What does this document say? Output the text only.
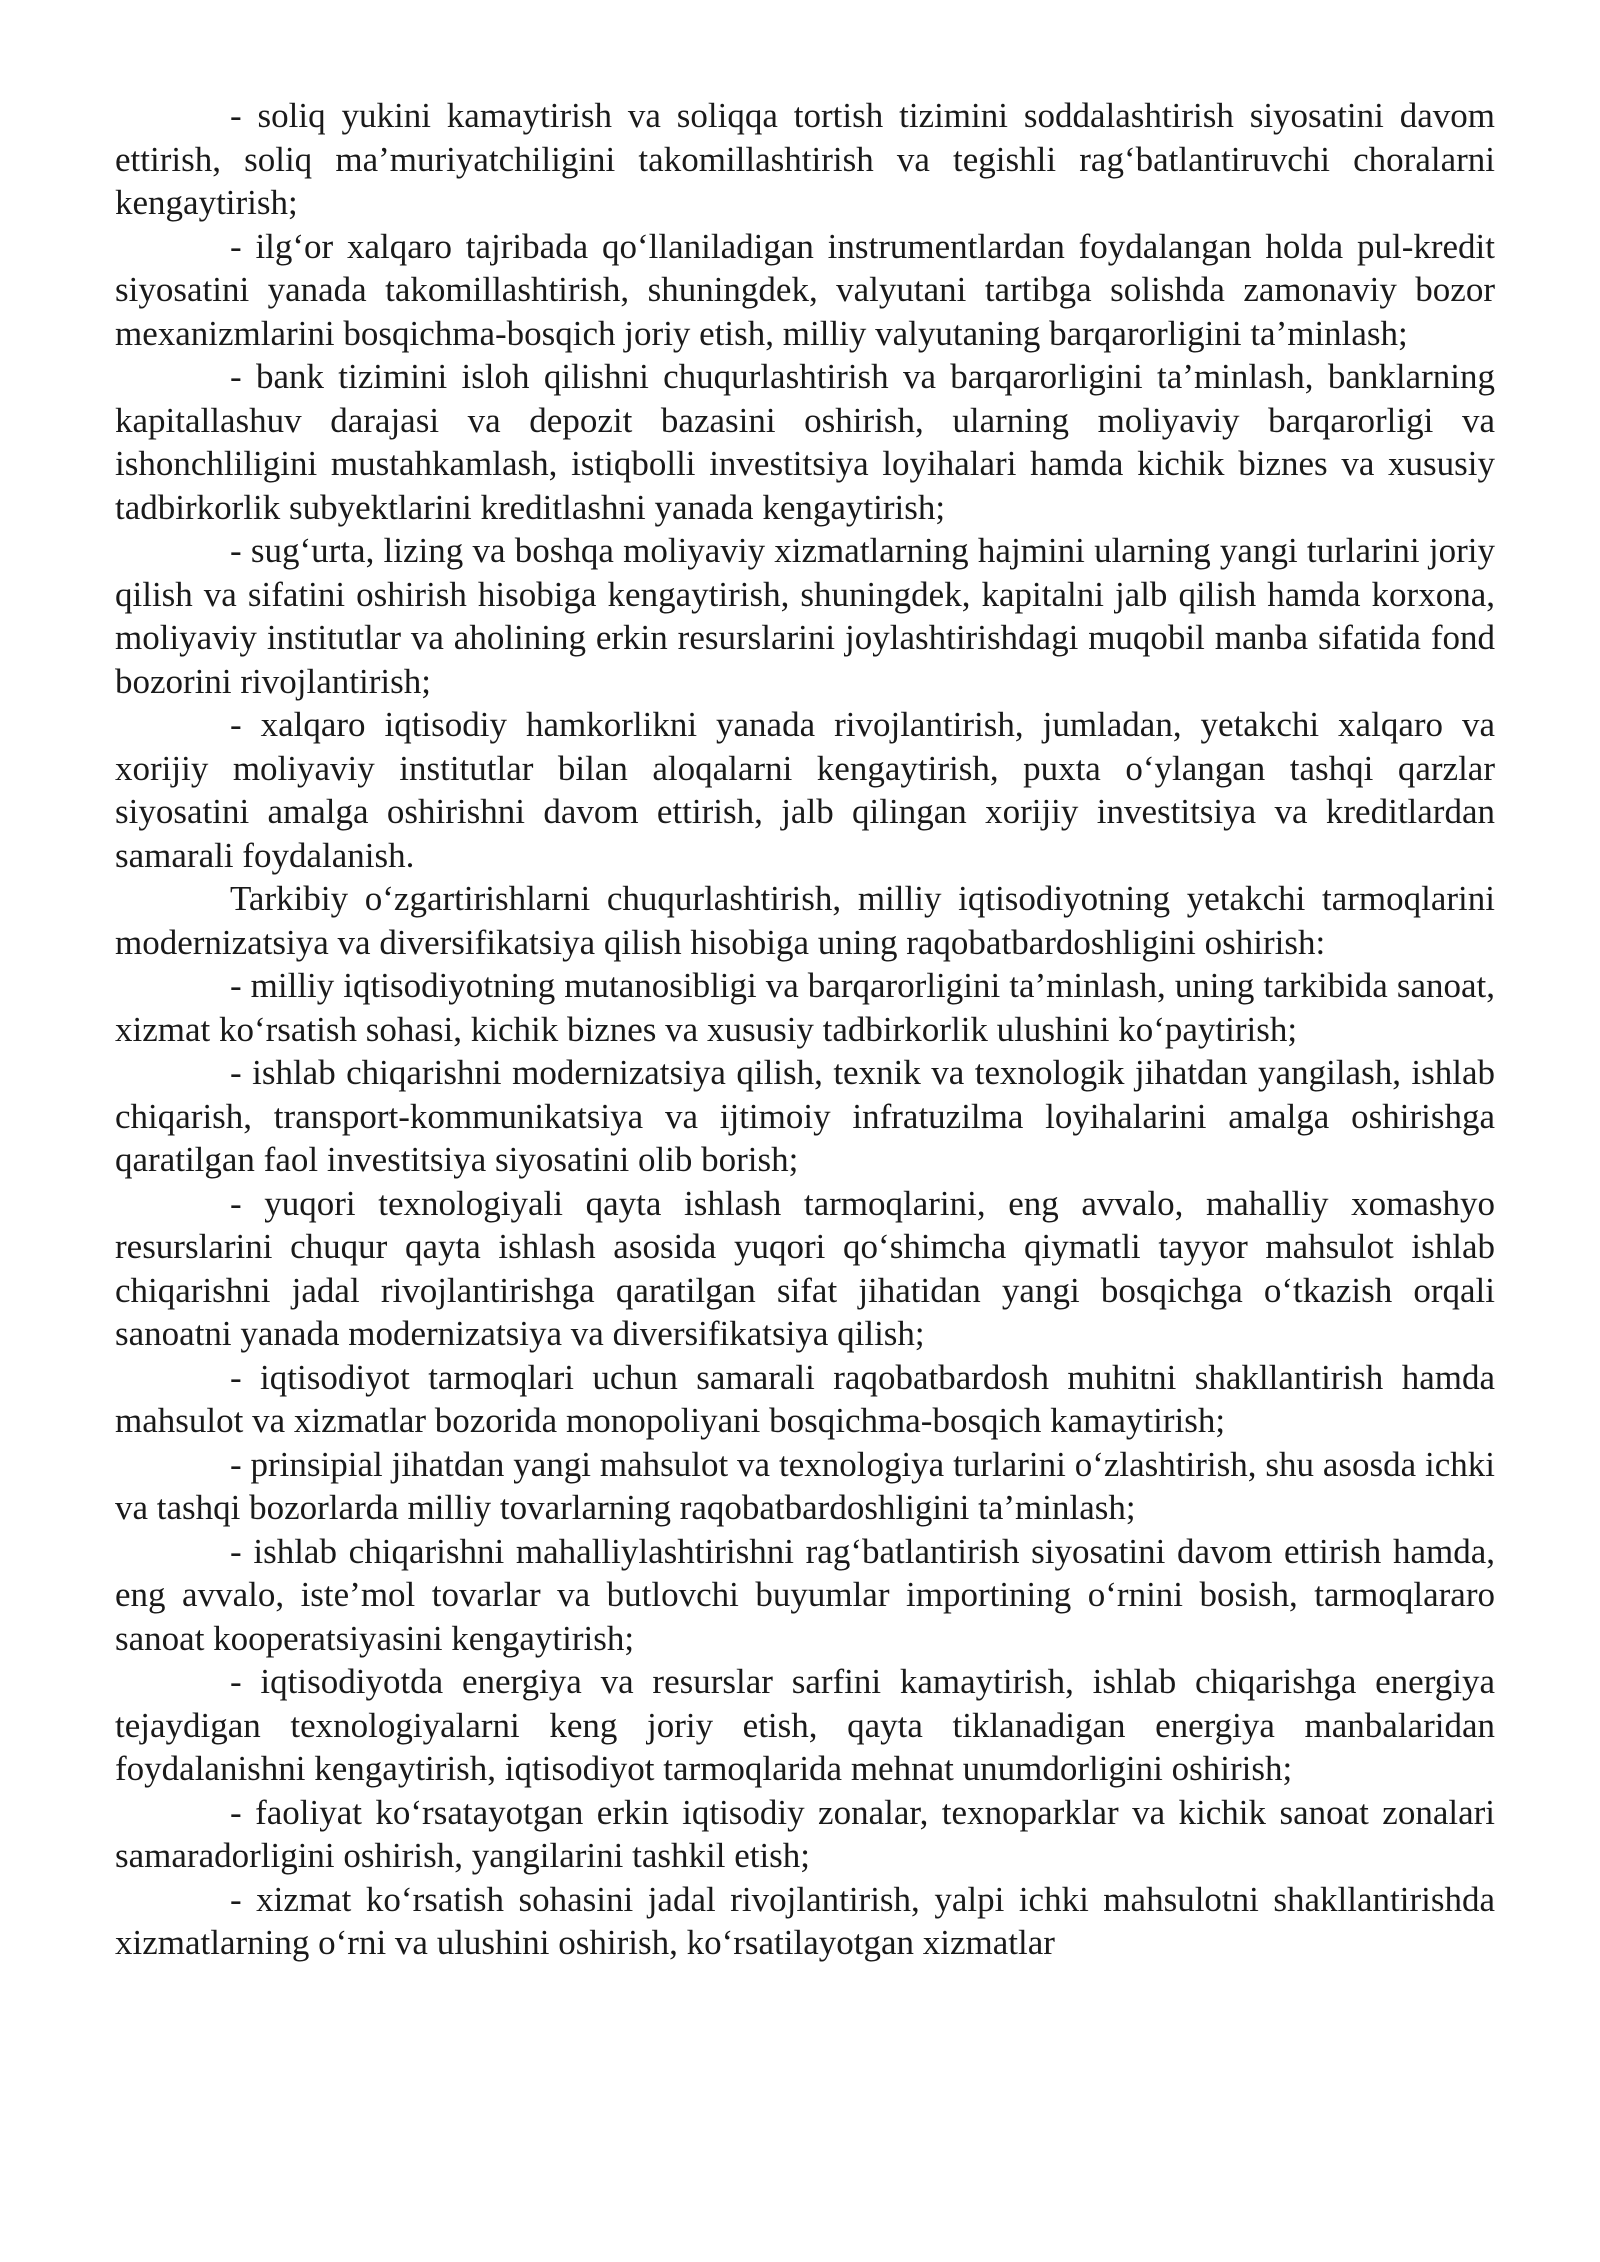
- soliq yukini kamaytirish va soliqqa tortish tizimini soddalashtirish siyosatini davom ettirish, soliq ma’muriyatchiligini takomillashtirish va tegishli rag‘batlantiruvchi choralarni kengaytirish;

- ilg‘or xalqaro tajribada qo‘llaniladigan instrumentlardan foydalangan holda pul-kredit siyosatini yanada takomillashtirish, shuningdek, valyutani tartibga solishda zamonaviy bozor mexanizmlarini bosqichma-bosqich joriy etish, milliy valyutaning barqarorligini ta’minlash;

- bank tizimini isloh qilishni chuqurlashtirish va barqarorligini ta’minlash, banklarning kapitallashuv darajasi va depozit bazasini oshirish, ularning moliyaviy barqarorligi va ishonchliligini mustahkamlash, istiqbolli investitsiya loyihalari hamda kichik biznes va xususiy tadbirkorlik subyektlarini kreditlashni yanada kengaytirish;

- sug‘urta, lizing va boshqa moliyaviy xizmatlarning hajmini ularning yangi turlarini joriy qilish va sifatini oshirish hisobiga kengaytirish, shuningdek, kapitalni jalb qilish hamda korxona, moliyaviy institutlar va aholining erkin resurslarini joylashtirishdagi muqobil manba sifatida fond bozorini rivojlantirish;

- xalqaro iqtisodiy hamkorlikni yanada rivojlantirish, jumladan, yetakchi xalqaro va xorijiy moliyaviy institutlar bilan aloqalarni kengaytirish, puxta o‘ylangan tashqi qarzlar siyosatini amalga oshirishni davom ettirish, jalb qilingan xorijiy investitsiya va kreditlardan samarali foydalanish.

Tarkibiy o‘zgartirishlarni chuqurlashtirish, milliy iqtisodiyotning yetakchi tarmoqlarini modernizatsiya va diversifikatsiya qilish hisobiga uning raqobatbardoshligini oshirish:

- milliy iqtisodiyotning mutanosibligi va barqarorligini ta’minlash, uning tarkibida sanoat, xizmat ko‘rsatish sohasi, kichik biznes va xususiy tadbirkorlik ulushini ko‘paytirish;

- ishlab chiqarishni modernizatsiya qilish, texnik va texnologik jihatdan yangilash, ishlab chiqarish, transport-kommunikatsiya va ijtimoiy infratuzilma loyihalarini amalga oshirishga qaratilgan faol investitsiya siyosatini olib borish;

- yuqori texnologiyali qayta ishlash tarmoqlarini, eng avvalo, mahalliy xomashyo resurslarini chuqur qayta ishlash asosida yuqori qo‘shimcha qiymatli tayyor mahsulot ishlab chiqarishni jadal rivojlantirishga qaratilgan sifat jihatidan yangi bosqichga o‘tkazish orqali sanoatni yanada modernizatsiya va diversifikatsiya qilish;

- iqtisodiyot tarmoqlari uchun samarali raqobatbardosh muhitni shakllantirish hamda mahsulot va xizmatlar bozorida monopoliyani bosqichma-bosqich kamaytirish;

- prinsipial jihatdan yangi mahsulot va texnologiya turlarini o‘zlashtirish, shu asosda ichki va tashqi bozorlarda milliy tovarlarning raqobatbardoshligini ta’minlash;

- ishlab chiqarishni mahalliylashtirishni rag‘batlantirish siyosatini davom ettirish hamda, eng avvalo, iste’mol tovarlar va butlovchi buyumlar importining o‘rnini bosish, tarmoqlararo sanoat kooperatsiyasini kengaytirish;

- iqtisodiyotda energiya va resurslar sarfini kamaytirish, ishlab chiqarishga energiya tejaydigan texnologiyalarni keng joriy etish, qayta tiklanadigan energiya manbalaridan foydalanishni kengaytirish, iqtisodiyot tarmoqlarida mehnat unumdorligini oshirish;

- faoliyat ko‘rsatayotgan erkin iqtisodiy zonalar, texnoparklar va kichik sanoat zonalari samaradorligini oshirish, yangilarini tashkil etish;

- xizmat ko‘rsatish sohasini jadal rivojlantirish, yalpi ichki mahsulotni shakllantirishda xizmatlarning o‘rni va ulushini oshirish, ko‘rsatilayotgan xizmatlar
